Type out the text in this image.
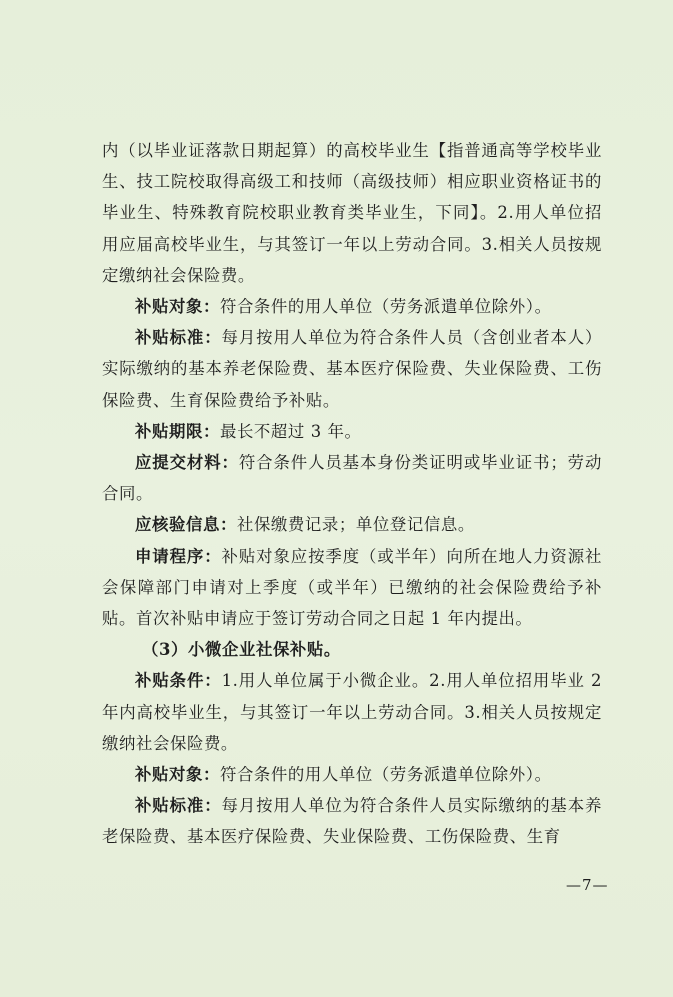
内（以毕业证落款日期起算）的高校毕业生【指普通高等学校毕业生、技工院校取得高级工和技师（高级技师）相应职业资格证书的毕业生、特殊教育院校职业教育类毕业生，下同】。2.用人单位招用应届高校毕业生，与其签订一年以上劳动合同。3.相关人员按规定缴纳社会保险费。

补贴对象：符合条件的用人单位（劳务派遣单位除外）。

补贴标准：每月按用人单位为符合条件人员（含创业者本人）实际缴纳的基本养老保险费、基本医疗保险费、失业保险费、工伤保险费、生育保险费给予补贴。

补贴期限：最长不超过 3 年。

应提交材料：符合条件人员基本身份类证明或毕业证书；劳动合同。

应核验信息：社保缴费记录；单位登记信息。

申请程序：补贴对象应按季度（或半年）向所在地人力资源社会保障部门申请对上季度（或半年）已缴纳的社会保险费给予补贴。首次补贴申请应于签订劳动合同之日起 1 年内提出。

（3）小微企业社保补贴。

补贴条件：1.用人单位属于小微企业。2.用人单位招用毕业 2 年内高校毕业生，与其签订一年以上劳动合同。3.相关人员按规定缴纳社会保险费。

补贴对象：符合条件的用人单位（劳务派遣单位除外）。

补贴标准：每月按用人单位为符合条件人员实际缴纳的基本养老保险费、基本医疗保险费、失业保险费、工伤保险费、生育

—7—
